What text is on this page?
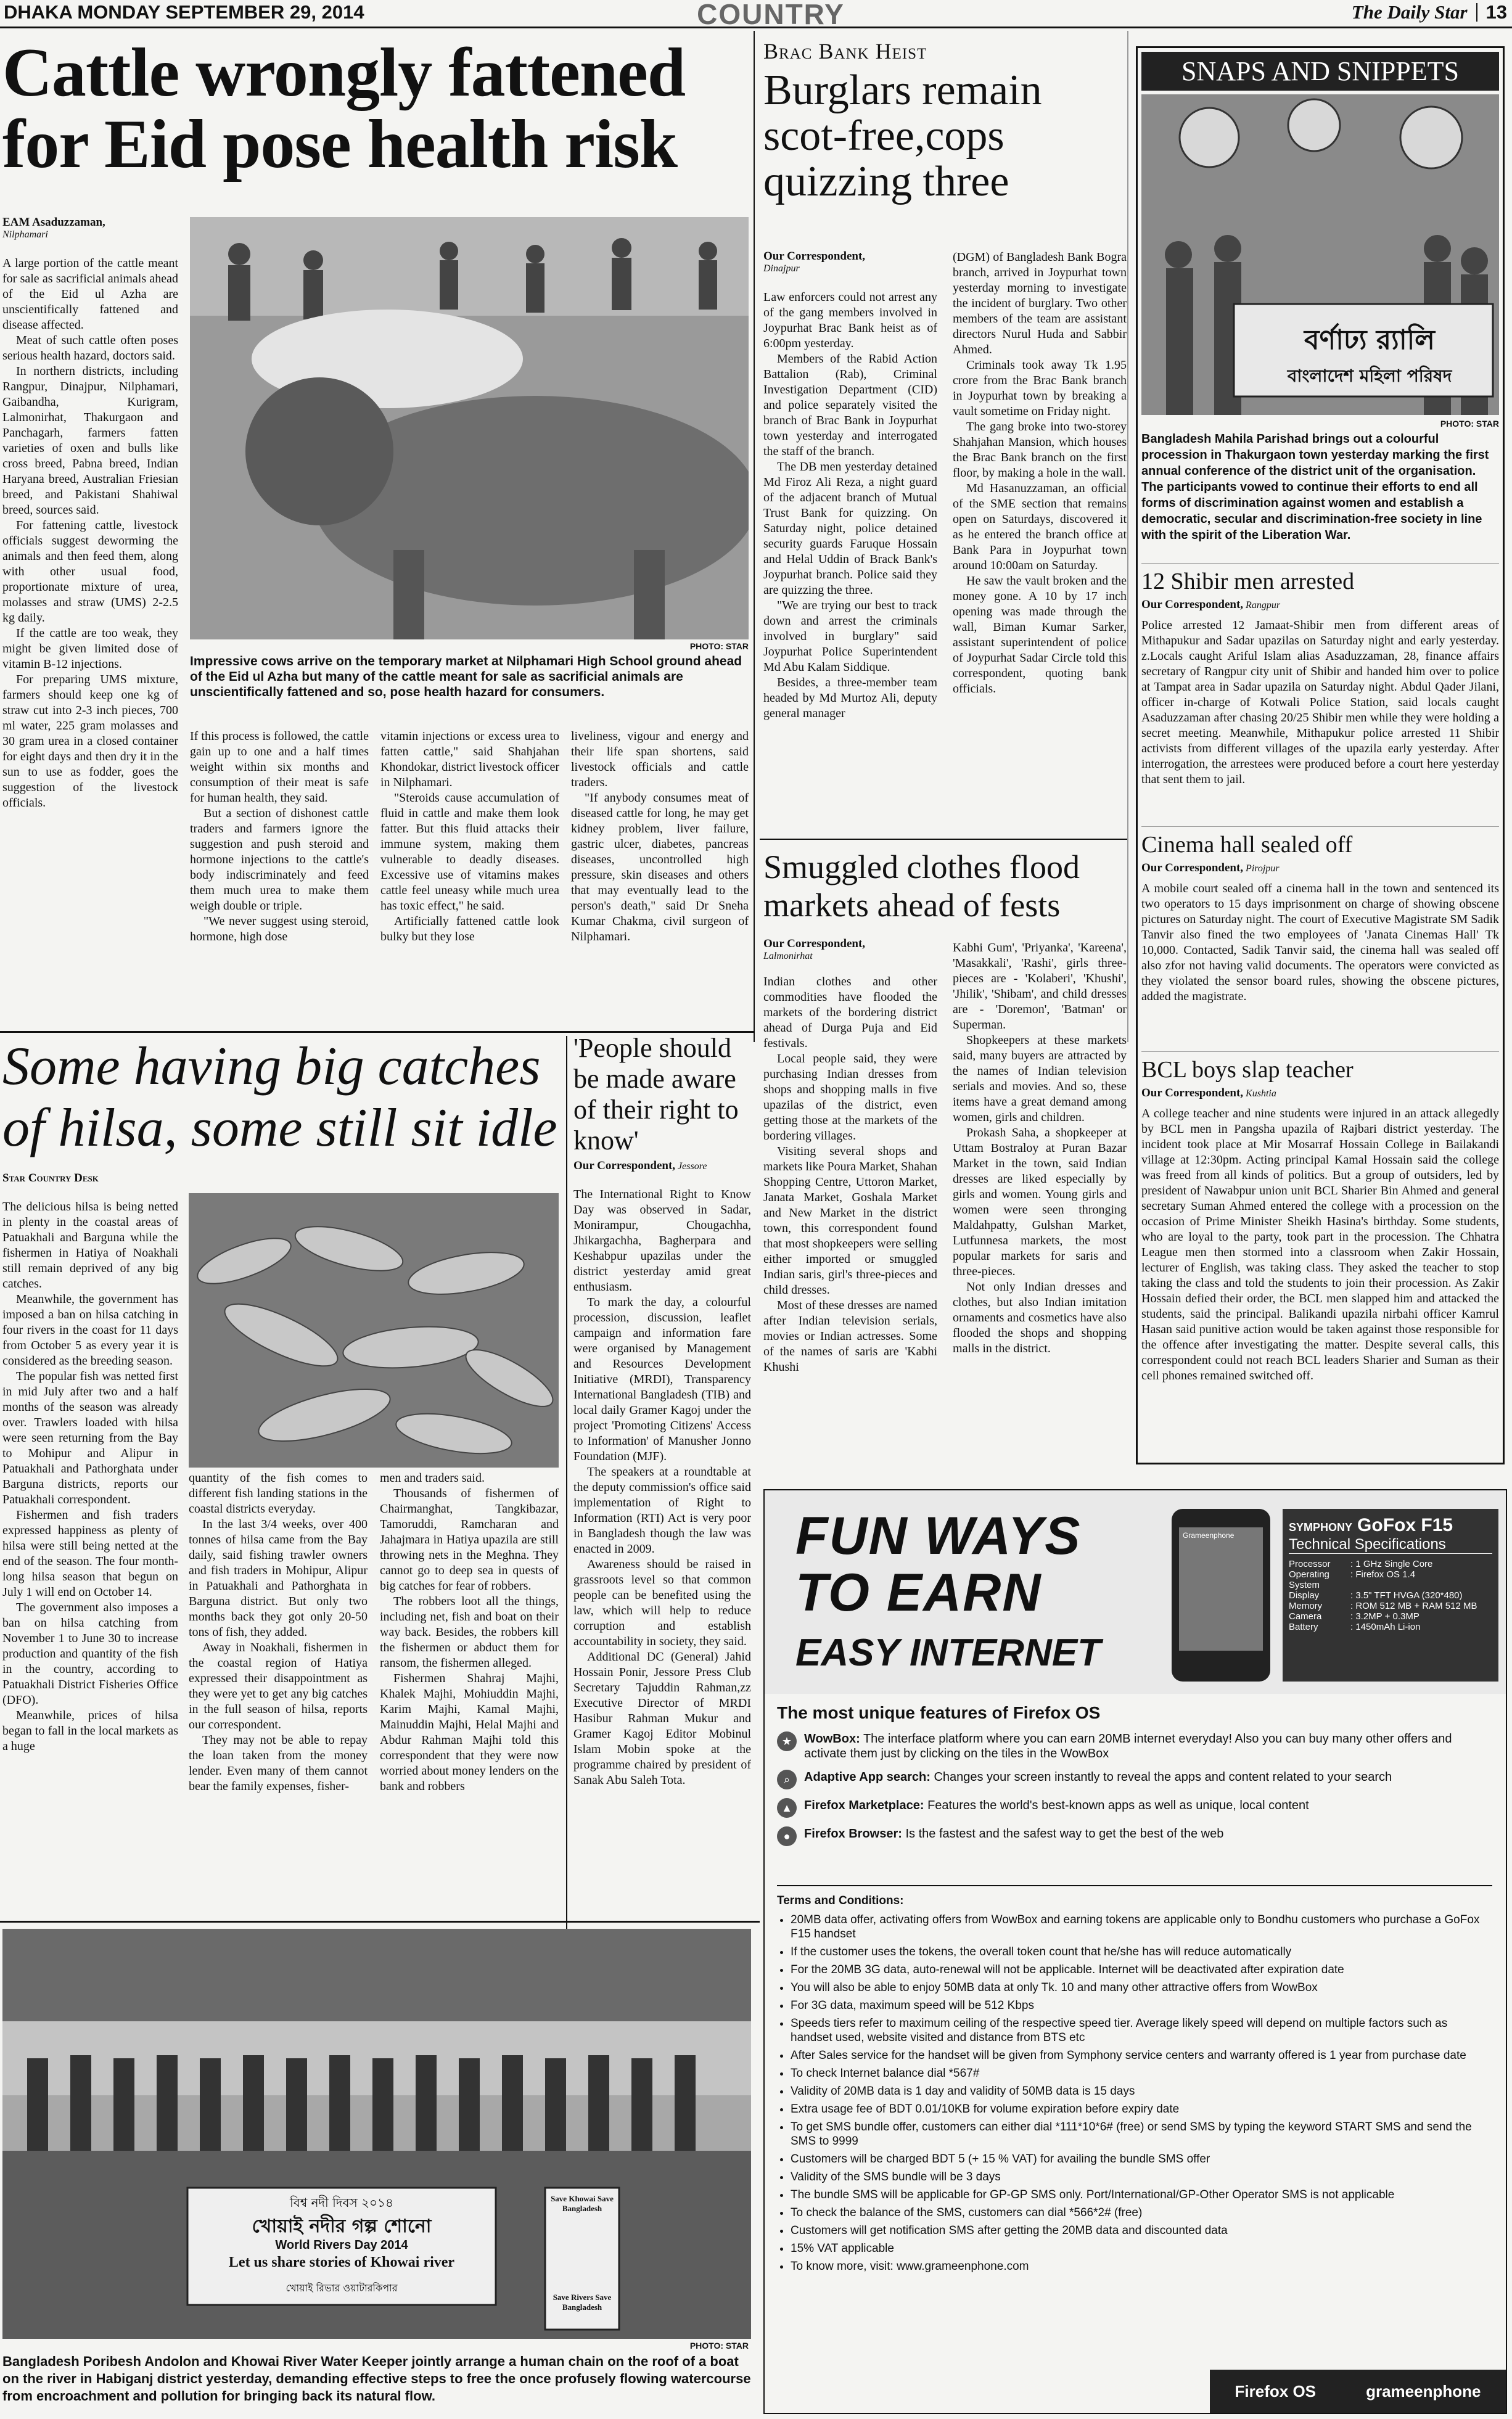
DHAKA MONDAY SEPTEMBER 29, 2014	COUNTRY	The Daily Star 13
Cattle wrongly fattened for Eid pose health risk
EAM Asaduzzaman,
Nilphamari

A large portion of the cattle meant for sale as sacrificial animals ahead of the Eid ul Azha are unscientifically fattened and disease affected.

Meat of such cattle often poses serious health hazard, doctors said.

In northern districts, including Rangpur, Dinajpur, Nilphamari, Gaibandha, Kurigram, Lalmonirhat, Thakurgaon and Panchagarh, farmers fatten varieties of oxen and bulls like cross breed, Pabna breed, Indian Haryana breed, Australian Friesian breed, and Pakistani Shahiwal breed, sources said.

For fattening cattle, livestock officials suggest deworming the animals and then feed them, along with other usual food, proportionate mixture of urea, molasses and straw (UMS) 2-2.5 kg daily.

If the cattle are too weak, they might be given limited dose of vitamin B-12 injections.

For preparing UMS mixture, farmers should keep one kg of straw cut into 2-3 inch pieces, 700 ml water, 225 gram molasses and 30 gram urea in a closed container for eight days and then dry it in the sun to use as fodder, goes the suggestion of the livestock officials.

PHOTO: STAR
Impressive cows arrive on the temporary market at Nilphamari High School ground ahead of the Eid ul Azha but many of the cattle meant for sale as sacrificial animals are unscientifically fattened and so, pose health hazard for consumers.

If this process is followed, the cattle gain up to one and a half times weight within six months and consumption of their meat is safe for human health, they said.

But a section of dishonest cattle traders and farmers ignore the suggestion and push steroid and hormone injections to the cattle's body indiscriminately and feed them much urea to make them weigh double or triple.

"We never suggest using steroid, hormone, high dose

vitamin injections or excess urea to fatten cattle," said Shahjahan Khondokar, district livestock officer in Nilphamari.

"Steroids cause accumulation of fluid in cattle and make them look fatter. But this fluid attacks their immune system, making them vulnerable to deadly diseases. Excessive use of vitamins makes cattle feel uneasy while much urea has toxic effect," he said.

Artificially fattened cattle look bulky but they lose

liveliness, vigour and energy and their life span shortens, said livestock officials and cattle traders.

"If anybody consumes meat of diseased cattle for long, he may get kidney problem, liver failure, gastric ulcer, diabetes, pancreas diseases, uncontrolled high pressure, skin diseases and others that may eventually lead to the person's death," said Dr Sneha Kumar Chakma, civil surgeon of Nilphamari.

Some having big catches of hilsa, some still sit idle
Star Country Desk

The delicious hilsa is being netted in plenty in the coastal areas of Patuakhali and Barguna while the fishermen in Hatiya of Noakhali still remain deprived of any big catches.

Meanwhile, the government has imposed a ban on hilsa catching in four rivers in the coast for 11 days from October 5 as every year it is considered as the breeding season.

The popular fish was netted first in mid July after two and a half months of the season was already over. Trawlers loaded with hilsa were seen returning from the Bay to Mohipur and Alipur in Patuakhali and Pathorghata under Barguna districts, reports our Patuakhali correspondent.

Fishermen and fish traders expressed happiness as plenty of hilsa were still being netted at the end of the season. The four month-long hilsa season that begun on July 1 will end on October 14.

The government also imposes a ban on hilsa catching from November 1 to June 30 to increase production and quantity of the fish in the country, according to Patuakhali District Fisheries Office (DFO).

Meanwhile, prices of hilsa began to fall in the local markets as a huge

quantity of the fish comes to different fish landing stations in the coastal districts everyday.

In the last 3/4 weeks, over 400 tonnes of hilsa came from the Bay daily, said fishing trawler owners and fish traders in Mohipur, Alipur in Patuakhali and Pathorghata in Barguna district. But only two months back they got only 20-50 tons of fish, they added.

Away in Noakhali, fishermen in the coastal region of Hatiya expressed their disappointment as they were yet to get any big catches in the full season of hilsa, reports our correspondent.

They may not be able to repay the loan taken from the money lender. Even many of them cannot bear the family expenses, fisher-

men and traders said.

Thousands of fishermen of Chairmanghat, Tangkibazar, Tamoruddi, Ramcharan and Jahajmara in Hatiya upazila are still throwing nets in the Meghna. They cannot go to deep sea in quests of big catches for fear of robbers.

The robbers loot all the things, including net, fish and boat on their way back. Besides, the robbers kill the fishermen or abduct them for ransom, the fishermen alleged.

Fishermen Shahraj Majhi, Khalek Majhi, Mohiuddin Majhi, Karim Majhi, Kamal Majhi, Mainuddin Majhi, Helal Majhi and Abdur Rahman Majhi told this correspondent that they were now worried about money lenders on the bank and robbers

'People should be made aware of their right to know'
Our Correspondent, Jessore

The International Right to Know Day was observed in Sadar, Monirampur, Chougachha, Jhikargachha, Bagherpara and Keshabpur upazilas under the district yesterday amid great enthusiasm.

To mark the day, a colourful procession, discussion, leaflet campaign and information fare were organised by Management and Resources Development Initiative (MRDI), Transparency International Bangladesh (TIB) and local daily Gramer Kagoj under the project 'Promoting Citizens' Access to Information' of Manusher Jonno Foundation (MJF).

The speakers at a roundtable at the deputy commission's office said implementation of Right to Information (RTI) Act is very poor in Bangladesh though the law was enacted in 2009.

Awareness should be raised in grassroots level so that common people can be benefited using the law, which will help to reduce corruption and establish accountability in society, they said.

Additional DC (General) Jahid Hossain Ponir, Jessore Press Club Secretary Tajuddin Rahman,zz Executive Director of MRDI Hasibur Rahman Mukur and Gramer Kagoj Editor Mobinul Islam Mobin spoke at the programme chaired by president of Sanak Abu Saleh Tota.

Brac Bank Heist
Burglars remain scot-free,cops quizzing three
Our Correspondent,
Dinajpur

Law enforcers could not arrest any of the gang members involved in Joypurhat Brac Bank heist as of 6:00pm yesterday.

Members of the Rabid Action Battalion (Rab), Criminal Investigation Department (CID) and police separately visited the branch of Brac Bank in Joypurhat town yesterday and interrogated the staff of the branch.

The DB men yesterday detained Md Firoz Ali Reza, a night guard of the adjacent branch of Mutual Trust Bank for quizzing. On Saturday night, police detained security guards Faruque Hossain and Helal Uddin of Brack Bank's Joypurhat branch. Police said they are quizzing the three.

"We are trying our best to track down and arrest the criminals involved in burglary" said Joypurhat Police Superintendent Md Abu Kalam Siddique.

Besides, a three-member team headed by Md Murtoz Ali, deputy general manager

(DGM) of Bangladesh Bank Bogra branch, arrived in Joypurhat town yesterday morning to investigate the incident of burglary. Two other members of the team are assistant directors Nurul Huda and Sabbir Ahmed.

Criminals took away Tk 1.95 crore from the Brac Bank branch in Joypurhat town by breaking a vault sometime on Friday night.

The gang broke into two-storey Shahjahan Mansion, which houses the Brac Bank branch on the first floor, by making a hole in the wall.

Md Hasanuzzaman, an official of the SME section that remains open on Saturdays, discovered it as he entered the branch office at Bank Para in Joypurhat town around 10:00am on Saturday.

He saw the vault broken and the money gone. A 10 by 17 inch opening was made through the wall, Biman Kumar Sarker, assistant superintendent of police of Joypurhat Sadar Circle told this correspondent, quoting bank officials.

Smuggled clothes flood markets ahead of fests
Our Correspondent,
Lalmonirhat

Indian clothes and other commodities have flooded the markets of the bordering district ahead of Durga Puja and Eid festivals.

Local people said, they were purchasing Indian dresses from shops and shopping malls in five upazilas of the district, even getting those at the markets of the bordering villages.

Visiting several shops and markets like Poura Market, Shahan Shopping Centre, Uttoron Market, Janata Market, Goshala Market and New Market in the district town, this correspondent found that most shopkeepers were selling either imported or smuggled Indian saris, girl's three-pieces and child dresses.

Most of these dresses are named after Indian television serials, movies or Indian actresses. Some of the names of saris are 'Kabhi Khushi

Kabhi Gum', 'Priyanka', 'Kareena', 'Masakkali', 'Rashi', girls three-pieces are - 'Kolaberi', 'Khushi', 'Jhilik', 'Shibam', and child dresses are - 'Doremon', 'Batman' or Superman.

Shopkeepers at these markets said, many buyers are attracted by the names of Indian television serials and movies. And so, these items have a great demand among women, girls and children.

Prokash Saha, a shopkeeper at Uttam Bostraloy at Puran Bazar Market in the town, said Indian dresses are liked especially by girls and women. Young girls and women were seen thronging Maldahpatty, Gulshan Market, Lutfunnesa markets, the most popular markets for saris and three-pieces.

Not only Indian dresses and clothes, but also Indian imitation ornaments and cosmetics have also flooded the shops and shopping malls in the district.

SNAPS AND SNIPPETS
বর্ণাঢ্য র‍্যালি
বাংলাদেশ মহিলা পরিষদ
PHOTO: STAR
Bangladesh Mahila Parishad brings out a colourful procession in Thakurgaon town yesterday marking the first annual conference of the district unit of the organisation. The participants vowed to continue their efforts to end all forms of discrimination against women and establish a democratic, secular and discrimination-free society in line with the spirit of the Liberation War.
12 Shibir men arrested
Our Correspondent, Rangpur
Police arrested 12 Jamaat-Shibir men from different areas of Mithapukur and Sadar upazilas on Saturday night and early yesterday. z.Locals caught Ariful Islam alias Asaduzzaman, 28, finance affairs secretary of Rangpur city unit of Shibir and handed him over to police at Tampat area in Sadar upazila on Saturday night. Abdul Qader Jilani, officer in-charge of Kotwali Police Station, said locals caught Asaduzzaman after chasing 20/25 Shibir men while they were holding a secret meeting. Meanwhile, Mithapukur police arrested 11 Shibir activists from different villages of the upazila early yesterday. After interrogation, the arrestees were produced before a court here yesterday that sent them to jail.
Cinema hall sealed off
Our Correspondent, Pirojpur
A mobile court sealed off a cinema hall in the town and sentenced its two operators to 15 days imprisonment on charge of showing obscene pictures on Saturday night. The court of Executive Magistrate SM Sadik Tanvir also fined the two employees of 'Janata Cinemas Hall' Tk 10,000. Contacted, Sadik Tanvir said, the cinema hall was sealed off also zfor not having valid documents. The operators were convicted as they violated the sensor board rules, showing the obscene pictures, added the magistrate.
BCL boys slap teacher
Our Correspondent, Kushtia
A college teacher and nine students were injured in an attack allegedly by BCL men in Pangsha upazila of Rajbari district yesterday. The incident took place at Mir Mosarraf Hossain College in Bailakandi village at 12:30pm. Acting principal Kamal Hossain said the college was freed from all kinds of politics. But a group of outsiders, led by president of Nawabpur union unit BCL Sharier Bin Ahmed and general secretary Suman Ahmed entered the college with a procession on the occasion of Prime Minister Sheikh Hasina's birthday. Some students, who are loyal to the party, took part in the procession. The Chhatra League men then stormed into a classroom when Zakir Hossain, lecturer of English, was taking class. They asked the teacher to stop taking the class and told the students to join their procession. As Zakir Hossain defied their order, the BCL men slapped him and attacked the students, said the principal. Balikandi upazila nirbahi officer Kamrul Hasan said punitive action would be taken against those responsible for the offence after investigating the matter. Despite several calls, this correspondent could not reach BCL leaders Sharier and Suman as their cell phones remained switched off.
বিশ্ব নদী দিবস ২০১৪
খোয়াই নদীর গল্প শোনো
World Rivers Day 2014
Let us share stories of Khowai river
খোয়াই রিভার ওয়াটারকিপার
Save Khowai Save Bangladesh
Save Rivers Save Bangladesh
PHOTO: STAR
Bangladesh Poribesh Andolon and Khowai River Water Keeper jointly arrange a human chain on the roof of a boat on the river in Habiganj district yesterday, demanding effective steps to free the once profusely flowing watercourse from encroachment and pollution for bringing back its natural flow.
FUN WAYS
TO EARN
EASY INTERNET
Grameenphone
SYMPHONY GoFox F15
Technical Specifications
Processor	: 1 GHz Single Core
Operating System
: Firefox OS 1.4
Display	: 3.5" TFT HVGA (320*480)
Memory	: ROM 512 MB + RAM 512 MB
Camera	: 3.2MP + 0.3MP
Battery	: 1450mAh Li-ion
The most unique features of Firefox OS
★ WowBox: The interface platform where you can earn 20MB internet everyday! Also you can buy many other offers and activate them just by clicking on the tiles in the WowBox
⌕	Adaptive App search: Changes your screen instantly to reveal the apps and content related to your search
▲ Firefox Marketplace: Features the world's best-known apps as well as unique, local content
●	Firefox Browser: Is the fastest and the safest way to get the best of the web
Terms and Conditions:
• 20MB data offer, activating offers from WowBox and earning tokens are applicable only to Bondhu customers who purchase a GoFox F15 handset
• If the customer uses the tokens, the overall token count that he/she has will reduce automatically
• For the 20MB 3G data, auto-renewal will not be applicable. Internet will be deactivated after expiration date
• You will also be able to enjoy 50MB data at only Tk. 10 and many other attractive offers from WowBox
• For 3G data, maximum speed will be 512 Kbps
• Speeds tiers refer to maximum ceiling of the respective speed tier. Average likely speed will depend on multiple factors such as handset used, website visited and distance from BTS etc
• After Sales service for the handset will be given from Symphony service centers and warranty offered is 1 year from purchase date
• To check Internet balance dial *567#
• Validity of 20MB data is 1 day and validity of 50MB data is 15 days
• Extra usage fee of BDT 0.01/10KB for volume expiration before expiry date
• To get SMS bundle offer, customers can either dial *111*10*6# (free) or send SMS by typing the keyword START SMS and send the SMS to 9999
• Customers will be charged BDT 5 (+ 15 % VAT) for availing the bundle SMS offer
• Validity of the SMS bundle will be 3 days
• The bundle SMS will be applicable for GP-GP SMS only. Port/International/GP-Other Operator SMS is not applicable
• To check the balance of the SMS, customers can dial *566*2# (free)
• Customers will get notification SMS after getting the 20MB data and discounted data
• 15% VAT applicable
• To know more, visit: www.grameenphone.com
Firefox OS	grameenphone
